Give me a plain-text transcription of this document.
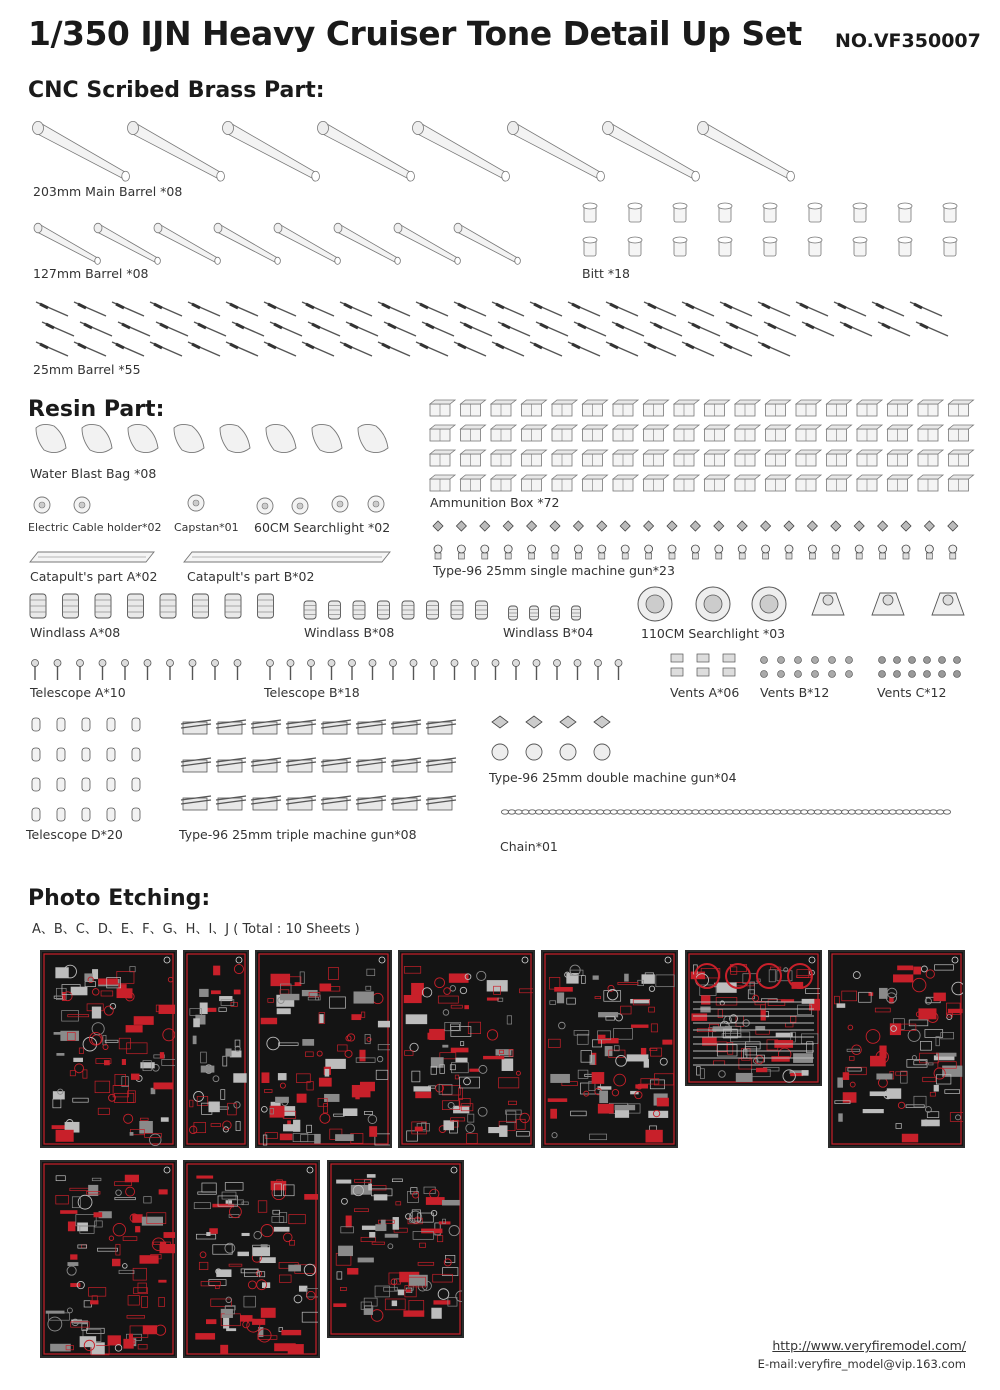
1/350 IJN Heavy Cruiser Tone Detail Up Set NO.VF350007
CNC Scribed Brass Part:
Resin Part:
Photo Etching:
203mm Main Barrel *08
127mm Barrel *08	Bitt *18
25mm Barrel *55
Water Blast Bag *08
Ammunition Box *72
Electric Cable holder*02 Capstan*01 60CM Searchlight *02
Type-96 25mm single machine gun*23
Catapult's part A*02 Catapult's part B*02
Windlass A*08	Windlass B*08	Windlass B*04	110CM Searchlight *03
Telescope A*10	Telescope B*18	Vents A*06 Vents B*12	Vents C*12
Type-96 25mm double machine gun*04
Telescope D*20	Type-96 25mm triple machine gun*08
Chain*01
A、B、C、D、E、F、G、H、I、J ( Total : 10 Sheets )
http://www.veryfiremodel.com/
E-mail:veryfire_model@vip.163.com
